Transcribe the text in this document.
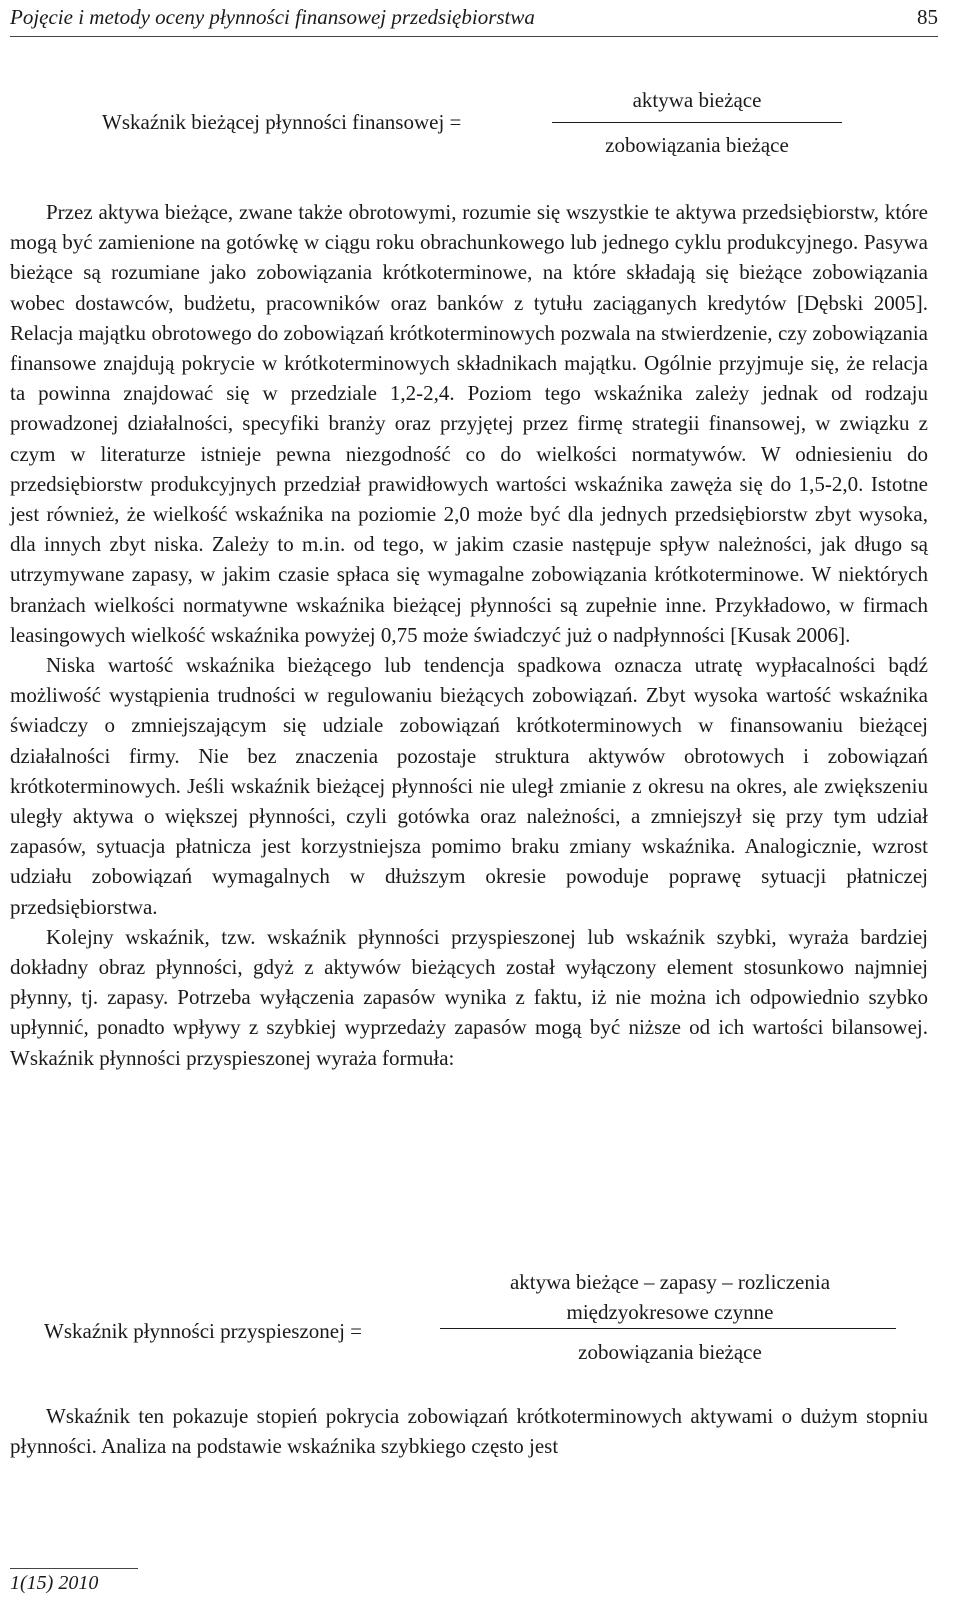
Pojęcie i metody oceny płynności finansowej przedsiębiorstwa	85
Wskaźnik bieżącej płynności finansowej =
aktywa bieżące
zobowiązania bieżące

Przez aktywa bieżące, zwane także obrotowymi, rozumie się wszystkie te aktywa przedsiębiorstw, które mogą być zamienione na gotówkę w ciągu roku obrachunkowego lub jednego cyklu produkcyjnego. Pasywa bieżące są rozumiane jako zobowiązania krótkoterminowe, na które składają się bieżące zobowiązania wobec dostawców, budżetu, pracowników oraz banków z tytułu zaciąganych kredytów [Dębski 2005]. Relacja majątku obrotowego do zobowiązań krótkoterminowych pozwala na stwierdzenie, czy zobowiązania finansowe znajdują pokrycie w krótkoterminowych składnikach majątku. Ogólnie przyjmuje się, że relacja ta powinna znajdować się w przedziale 1,2-2,4. Poziom tego wskaźnika zależy jednak od rodzaju prowadzonej działalności, specyfiki branży oraz przyjętej przez firmę strategii finansowej, w związku z czym w literaturze istnieje pewna niezgodność co do wielkości normatywów. W odniesieniu do przedsiębiorstw produkcyjnych przedział prawidłowych wartości wskaźnika zawęża się do 1,5-2,0. Istotne jest również, że wielkość wskaźnika na poziomie 2,0 może być dla jednych przedsiębiorstw zbyt wysoka, dla innych zbyt niska. Zależy to m.in. od tego, w jakim czasie następuje spływ należności, jak długo są utrzymywane zapasy, w jakim czasie spłaca się wymagalne zobowiązania krótkoterminowe. W niektórych branżach wielkości normatywne wskaźnika bieżącej płynności są zupełnie inne. Przykładowo, w firmach leasingowych wielkość wskaźnika powyżej 0,75 może świadczyć już o nadpłynności [Kusak 2006].

Niska wartość wskaźnika bieżącego lub tendencja spadkowa oznacza utratę wypłacalności bądź możliwość wystąpienia trudności w regulowaniu bieżących zobowiązań. Zbyt wysoka wartość wskaźnika świadczy o zmniejszającym się udziale zobowiązań krótkoterminowych w finansowaniu bieżącej działalności firmy. Nie bez znaczenia pozostaje struktura aktywów obrotowych i zobowiązań krótkoterminowych. Jeśli wskaźnik bieżącej płynności nie uległ zmianie z okresu na okres, ale zwiększeniu uległy aktywa o większej płynności, czyli gotówka oraz należności, a zmniejszył się przy tym udział zapasów, sytuacja płatnicza jest korzystniejsza pomimo braku zmiany wskaźnika. Analogicznie, wzrost udziału zobowiązań wymagalnych w dłuższym okresie powoduje poprawę sytuacji płatniczej przedsiębiorstwa.

Kolejny wskaźnik, tzw. wskaźnik płynności przyspieszonej lub wskaźnik szybki, wyraża bardziej dokładny obraz płynności, gdyż z aktywów bieżących został wyłączony element stosunkowo najmniej płynny, tj. zapasy. Potrzeba wyłączenia zapasów wynika z faktu, iż nie można ich odpowiednio szybko upłynnić, ponadto wpływy z szybkiej wyprzedaży zapasów mogą być niższe od ich wartości bilansowej. Wskaźnik płynności przyspieszonej wyraża formuła:

Wskaźnik płynności przyspieszonej =
aktywa bieżące – zapasy – rozliczenia
międzyokresowe czynne
zobowiązania bieżące

Wskaźnik ten pokazuje stopień pokrycia zobowiązań krótkoterminowych aktywami o dużym stopniu płynności. Analiza na podstawie wskaźnika szybkiego często jest

1(15) 2010
